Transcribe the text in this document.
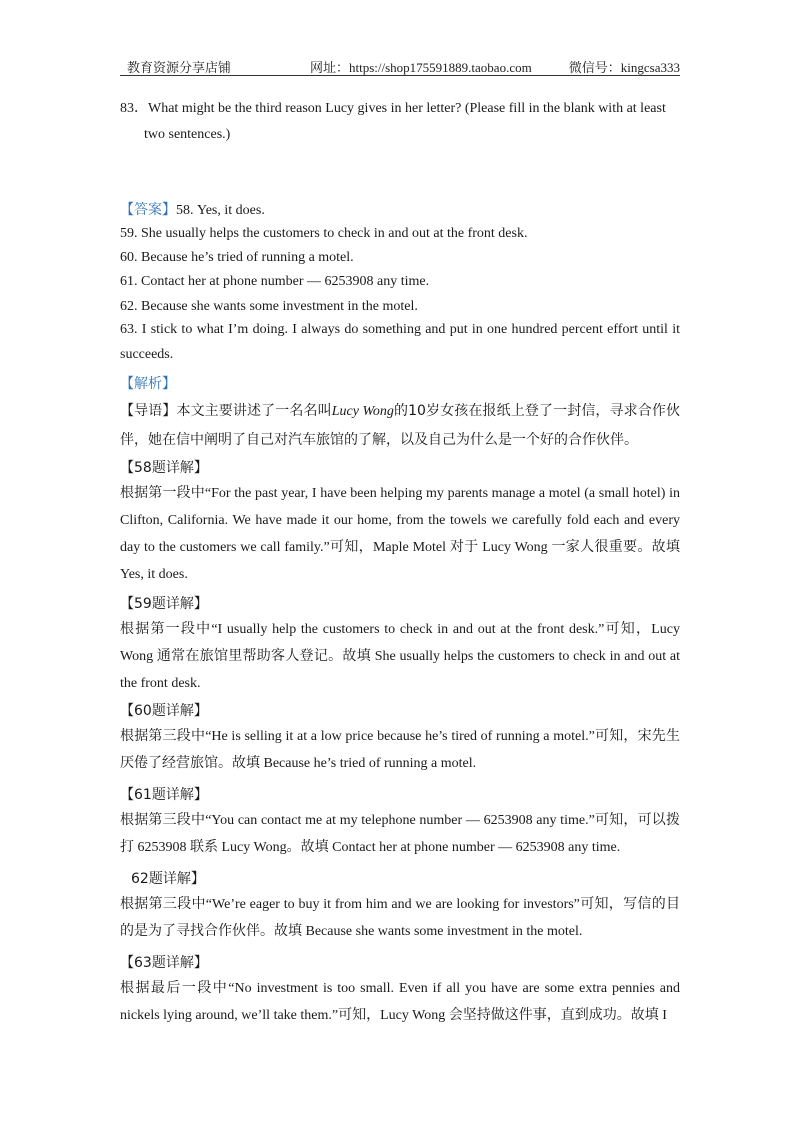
教育资源分享店铺	网址：https://shop175591889.taobao.com	微信号：kingcsa333
83．What might be the third reason Lucy gives in her letter? (Please fill in the blank with at least two sentences.)
【答案】58. Yes, it does.
59. She usually helps the customers to check in and out at the front desk.
60. Because he’s tried of running a motel.
61. Contact her at phone number — 6253908 any time.
62. Because she wants some investment in the motel.
63. I stick to what I’m doing. I always do something and put in one hundred percent effort until it succeeds.
【解析】
【导语】本文主要讲述了一名名叫Lucy Wong的10岁女孩在报纸上登了一封信，寻求合作伙伴，她在信中阐明了自己对汽车旅馆的了解，以及自己为什么是一个好的合作伙伴。
【58题详解】
根据第一段中“For the past year, I have been helping my parents manage a motel (a small hotel) in Clifton, California. We have made it our home, from the towels we carefully fold each and every day to the customers we call family.”可知，Maple Motel 对于 Lucy Wong 一家人很重要。故填 Yes, it does.
【59题详解】
根据第一段中“I usually help the customers to check in and out at the front desk.”可知，Lucy Wong 通常在旅馆里帮助客人登记。故填 She usually helps the customers to check in and out at the front desk.
【60题详解】
根据第三段中“He is selling it at a low price because he’s tired of running a motel.”可知，宋先生厌倦了经营旅馆。故填 Because he’s tried of running a motel.
【61题详解】
根据第三段中“You can contact me at my telephone number — 6253908 any time.”可知，可以拨打 6253908 联系 Lucy Wong。故填 Contact her at phone number — 6253908 any time.
62题详解】
根据第三段中“We’re eager to buy it from him and we are looking for investors”可知，写信的目的是为了寻找合作伙伴。故填 Because she wants some investment in the motel.
【63题详解】
根据最后一段中“No investment is too small. Even if all you have are some extra pennies and nickels lying around, we’ll take them.”可知，Lucy Wong 会坚持做这件事，直到成功。故填 I
